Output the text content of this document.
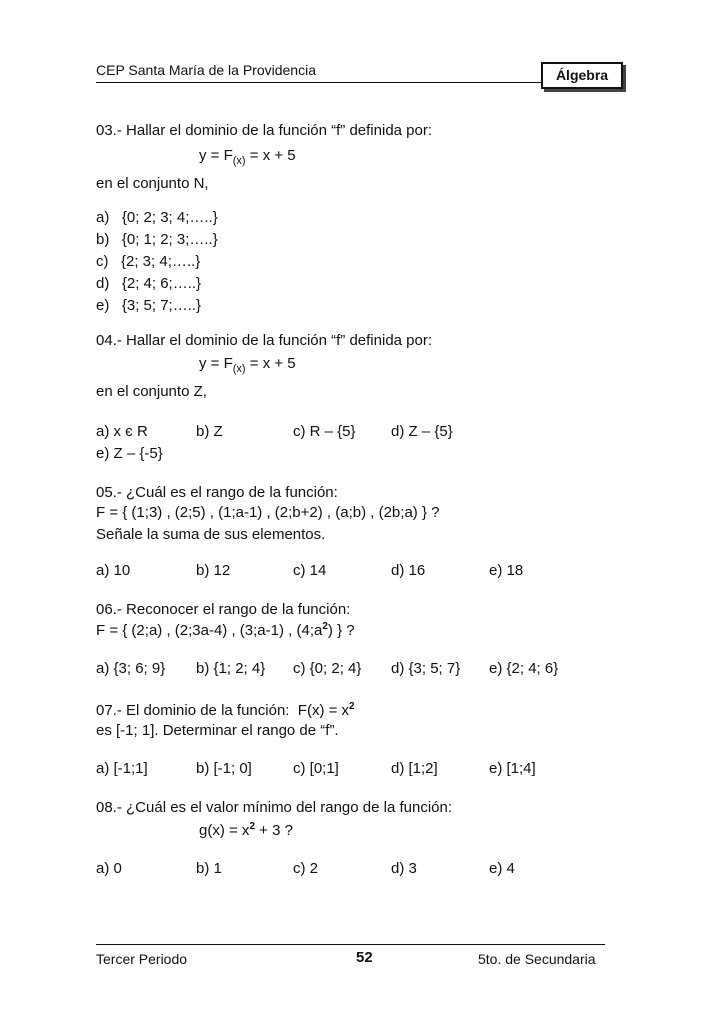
CEP Santa María de la Providencia	Álgebra
03.- Hallar el dominio de la función “f” definida por:
$y = F_{(x)} = x + 5$
en el conjunto N,
a)   {0; 2; 3; 4;…..}
b)   {0; 1; 2; 3;…..}
c)   {2; 3; 4;…..}
d)   {2; 4; 6;…..}
e)   {3; 5; 7;…..}
04.- Hallar el dominio de la función “f” definida por:
$y = F_{(x)} = x + 5$
en el conjunto Z,
a) x є R	b) Z	c) R – {5} d) Z – {5}
e) Z – {-5}
05.- ¿Cuál es el rango de la función:
F = { (1;3) , (2;5) , (1;a-1) , (2;b+2) , (a;b) , (2b;a) } ?
Señale la suma de sus elementos.
a) 10	b) 12	c) 14	d) 16	e) 18
06.- Reconocer el rango de la función:
F = { (2;a) , (2;3a-4) , (3;a-1) , $(4;a^2)$ } ?
a) {3; 6; 9} b) {1; 2; 4} c) {0; 2; 4} d) {3; 5; 7} e) {2; 4; 6}
07.- El dominio de la función:  $F(x) = x^2$
es [-1; 1]. Determinar el rango de “f”.
a) [-1;1]	b) [-1; 0]	c) [0;1]	d) [1;2]	e) [1;4]
08.- ¿Cuál es el valor mínimo del rango de la función:
$g(x) = x^2 + 3$ ?
a) 0	b) 1	c) 2	d) 3	e) 4
Tercer Periodo	52	5to. de Secundaria
